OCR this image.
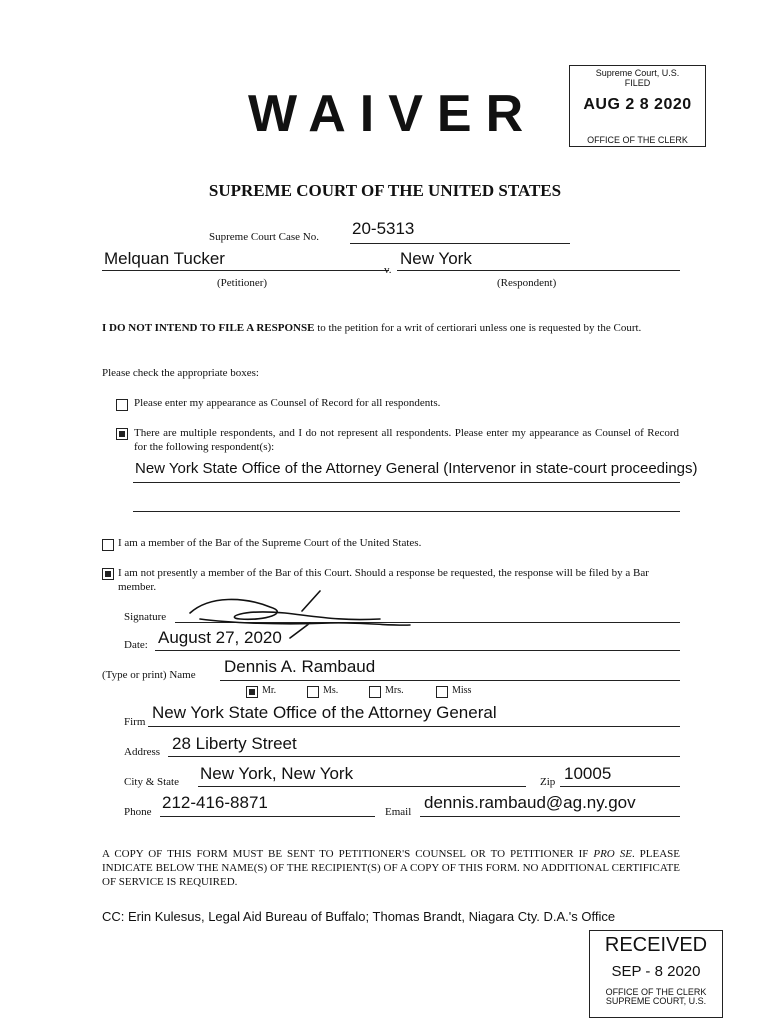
Supreme Court, U.S.
FILED
AUG 2 8 2020
OFFICE OF THE CLERK
WAIVER
SUPREME COURT OF THE UNITED STATES
Supreme Court Case No. 20-5313
Melquan Tucker
v.
New York
(Petitioner)	(Respondent)
I DO NOT INTEND TO FILE A RESPONSE to the petition for a writ of certiorari unless one is requested by the Court.
Please check the appropriate boxes:
Please enter my appearance as Counsel of Record for all respondents.
There are multiple respondents, and I do not represent all respondents. Please enter my appearance as Counsel of Record for the following respondent(s):
New York State Office of the Attorney General (Intervenor in state-court proceedings)
I am a member of the Bar of the Supreme Court of the United States.
I am not presently a member of the Bar of this Court. Should a response be requested, the response will be filed by a Bar member.
Signature
Date: August 27, 2020
(Type or print) Name Dennis A. Rambaud
Mr.	Ms.	Mrs.	Miss
Firm New York State Office of the Attorney General
Address 28 Liberty Street
City & State New York, New York	Zip 10005
Phone 212-416-8871	Email dennis.rambaud@ag.ny.gov
A COPY OF THIS FORM MUST BE SENT TO PETITIONER'S COUNSEL OR TO PETITIONER IF PRO SE. PLEASE INDICATE BELOW THE NAME(S) OF THE RECIPIENT(S) OF A COPY OF THIS FORM. NO ADDITIONAL CERTIFICATE OF SERVICE IS REQUIRED.
CC: Erin Kulesus, Legal Aid Bureau of Buffalo; Thomas Brandt, Niagara Cty. D.A.'s Office
RECEIVED
SEP - 8 2020
OFFICE OF THE CLERK
SUPREME COURT, U.S.
